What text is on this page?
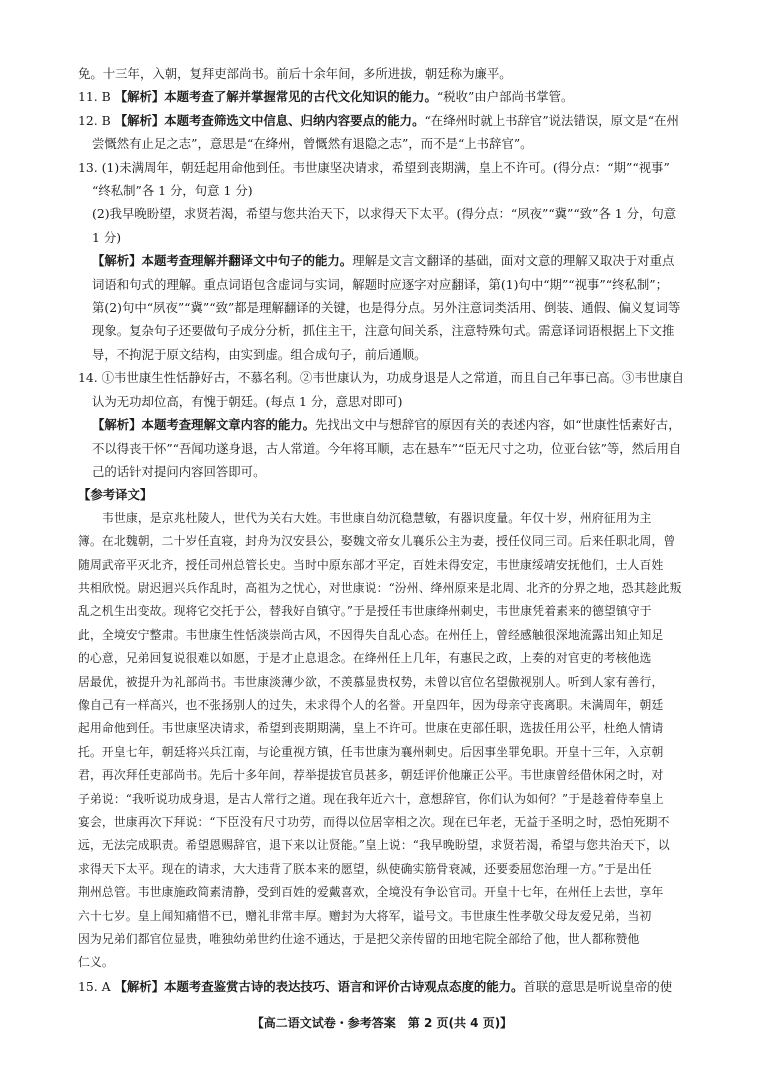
免。十三年，入朝，复拜吏部尚书。前后十余年间，多所进拔，朝廷称为廉平。

11. B 【解析】本题考查了解并掌握常见的古代文化知识的能力。“税收”由户部尚书掌管。

12. B 【解析】本题考查筛选文中信息、归纳内容要点的能力。“在绛州时就上书辞官”说法错误，原文是“在州

尝慨然有止足之志”，意思是“在绛州，曾慨然有退隐之志”，而不是“上书辞官”。

13. (1)未满周年，朝廷起用命他到任。韦世康坚决请求，希望到丧期满，皇上不许可。(得分点：“期”“视事”

“终私制”各 1 分，句意 1 分)

(2)我早晚盼望，求贤若渴，希望与您共治天下，以求得天下太平。(得分点：“夙夜”“冀”“致”各 1 分，句意

1 分)

【解析】本题考查理解并翻译文中句子的能力。理解是文言文翻译的基础，面对文意的理解又取决于对重点

词语和句式的理解。重点词语包含虚词与实词，解题时应逐字对应翻译，第(1)句中“期”“视事”“终私制”；

第(2)句中“夙夜”“冀”“致”都是理解翻译的关键，也是得分点。另外注意词类活用、倒装、通假、偏义复词等

现象。复杂句子还要做句子成分分析，抓住主干，注意句间关系，注意特殊句式。需意译词语根据上下文推

导，不拘泥于原文结构，由实到虚。组合成句子，前后通顺。

14. ①韦世康生性恬静好古，不慕名利。②韦世康认为，功成身退是人之常道，而且自己年事已高。③韦世康自

认为无功却位高，有愧于朝廷。(每点 1 分，意思对即可)

【解析】本题考查理解文章内容的能力。先找出文中与想辞官的原因有关的表述内容，如“世康性恬素好古，

不以得丧干怀”“吾闻功遂身退，古人常道。今年将耳顺，志在悬车”“臣无尺寸之功，位亚台铉”等，然后用自

己的话针对提问内容回答即可。

【参考译文】

韦世康，是京兆杜陵人，世代为关右大姓。韦世康自幼沉稳慧敏，有器识度量。年仅十岁，州府征用为主

簿。在北魏朝，二十岁任直寝，封舟为汉安县公，娶魏文帝女儿襄乐公主为妻，授任仪同三司。后来任职北周，曾

随周武帝平灭北齐，授任司州总管长史。当时中原东部才平定，百姓未得安定，韦世康绥靖安抚他们，士人百姓

共相欣悦。尉迟迥兴兵作乱时，高祖为之忧心，对世康说：“汾州、绛州原来是北周、北齐的分界之地，恐其趁此叛

乱之机生出变故。现将它交托于公，替我好自镇守。”于是授任韦世康绛州刺史，韦世康凭着素来的德望镇守于

此，全境安宁整肃。韦世康生性恬淡崇尚古风，不因得失自乱心态。在州任上，曾经感触很深地流露出知止知足

的心意，兄弟回复说很难以如愿，于是才止息退念。在绛州任上几年，有惠民之政，上奏的对官吏的考核他选

居最优，被提升为礼部尚书。韦世康淡薄少欲，不羡慕显贵权势，未曾以官位名望傲视别人。听到人家有善行，

像自己有一样高兴，也不张扬别人的过失，未求得个人的名誉。开皇四年，因为母亲守丧离职。未满周年，朝廷

起用命他到任。韦世康坚决请求，希望到丧期期满，皇上不许可。世康在吏部任职，选拔任用公平，杜绝人情请

托。开皇七年，朝廷将兴兵江南，与论重视方镇，任韦世康为襄州刺史。后因事坐罪免职。开皇十三年，入京朝

君，再次拜任吏部尚书。先后十多年间，荐举提拔官员甚多，朝廷评价他廉正公平。韦世康曾经借休闲之时，对

子弟说：“我听说功成身退，是古人常行之道。现在我年近六十，意想辞官，你们认为如何？”于是趁着侍奉皇上

宴会，世康再次下拜说：“下臣没有尺寸功劳，而得以位居宰相之次。现在已年老，无益于圣明之时，恐怕死期不

远，无法完成职责。希望恩赐辞官，退下来以让贤能。”皇上说：“我早晚盼望，求贤若渴，希望与您共治天下，以

求得天下太平。现在的请求，大大违背了朕本来的愿望，纵使确实筋骨衰减，还要委屈您治理一方。”于是出任

荆州总管。韦世康施政简素清静，受到百姓的爱戴喜欢，全境没有争讼官司。开皇十七年，在州任上去世，享年

六十七岁。皇上闻知痛惜不已，赠礼非常丰厚。赠封为大将军，谥号文。韦世康生性孝敬父母友爱兄弟，当初

因为兄弟们都官位显贵，唯独幼弟世约仕途不通达，于是把父亲传留的田地宅院全部给了他，世人都称赞他

仁义。

15. A 【解析】本题考查鉴赏古诗的表达技巧、语言和评价古诗观点态度的能力。首联的意思是听说皇帝的使

【高二语文试卷・参考答案　第 2 页(共 4 页)】
